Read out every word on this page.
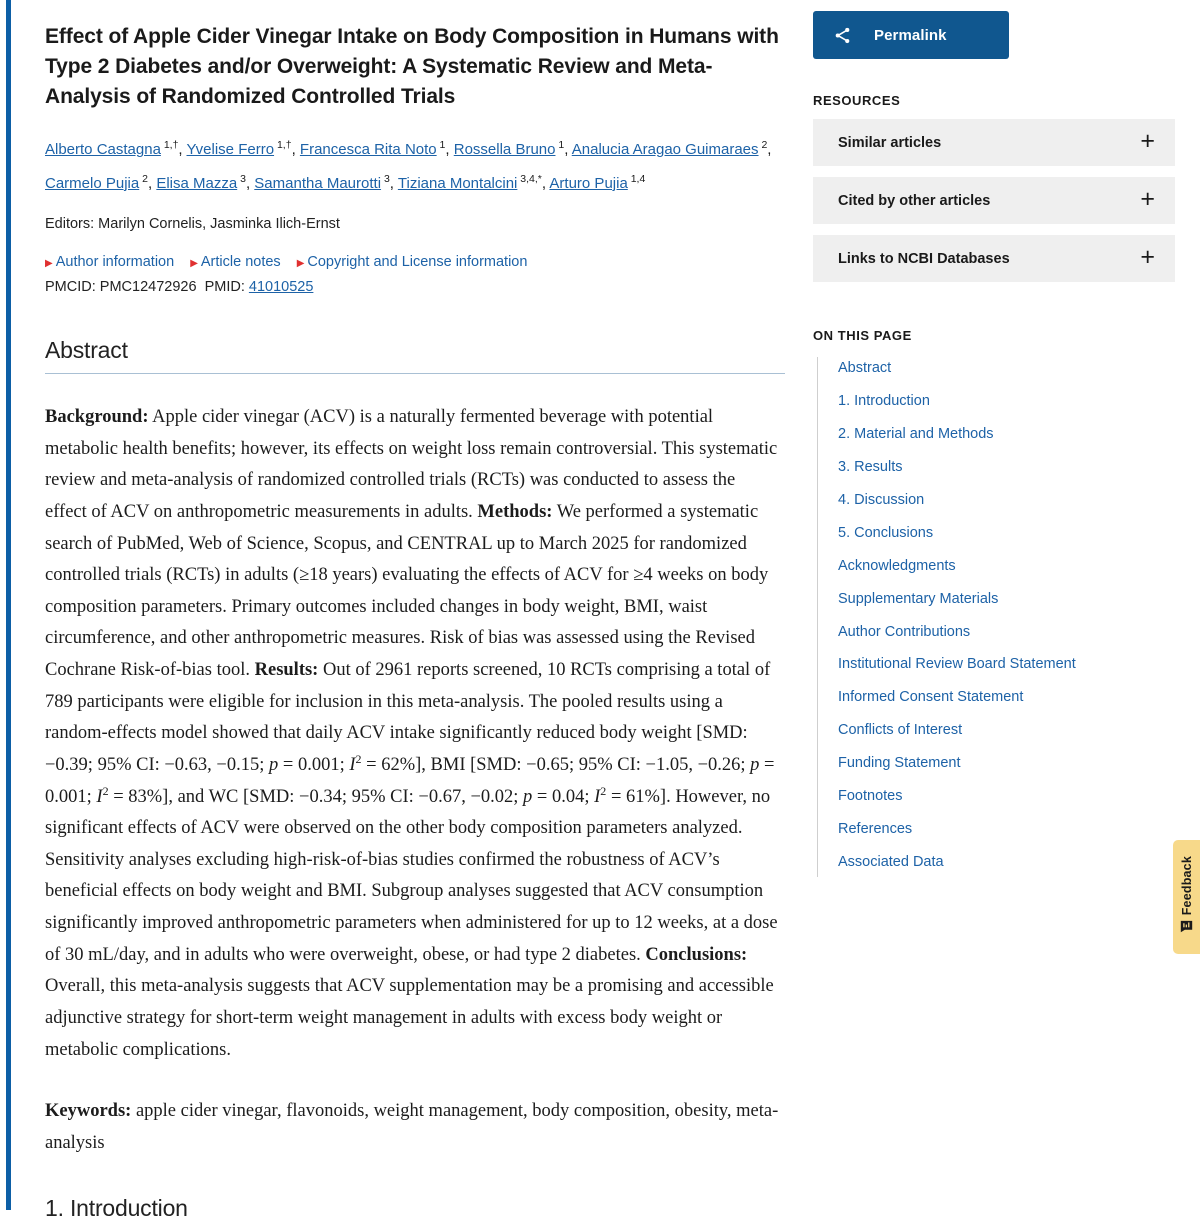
Effect of Apple Cider Vinegar Intake on Body Composition in Humans with Type 2 Diabetes and/or Overweight: A Systematic Review and Meta-Analysis of Randomized Controlled Trials
Alberto Castagna $^{1,\dagger}$, Yvelise Ferro $^{1,\dagger}$, Francesca Rita Noto $^1$, Rossella Bruno $^1$, Analucia Aragao Guimaraes $^2$, Carmelo Pujia $^2$, Elisa Mazza $^3$, Samantha Maurotti $^3$, Tiziana Montalcini $^{3,4,*}$, Arturo Pujia $^{1,4}$
Editors: Marilyn Cornelis, Jasminka Ilich-Ernst
▶ Author information ▶ Article notes ▶ Copyright and License information
PMCID: PMC12472926 PMID: 41010525
Abstract
Background: Apple cider vinegar (ACV) is a naturally fermented beverage with potential metabolic health benefits; however, its effects on weight loss remain controversial. This systematic review and meta-analysis of randomized controlled trials (RCTs) was conducted to assess the effect of ACV on anthropometric measurements in adults. Methods: We performed a systematic search of PubMed, Web of Science, Scopus, and CENTRAL up to March 2025 for randomized controlled trials (RCTs) in adults (≥18 years) evaluating the effects of ACV for ≥4 weeks on body composition parameters. Primary outcomes included changes in body weight, BMI, waist circumference, and other anthropometric measures. Risk of bias was assessed using the Revised Cochrane Risk-of-bias tool. Results: Out of 2961 reports screened, 10 RCTs comprising a total of 789 participants were eligible for inclusion in this meta-analysis. The pooled results using a random-effects model showed that daily ACV intake significantly reduced body weight [SMD: −0.39; 95% CI: −0.63, −0.15; p = 0.001; $I^2 = 62\%$], BMI [SMD: −0.65; 95% CI: −1.05, −0.26; p = 0.001; $I^2 = 83\%$], and WC [SMD: −0.34; 95% CI: −0.67, −0.02; p = 0.04; $I^2 = 61\%$]. However, no significant effects of ACV were observed on the other body composition parameters analyzed. Sensitivity analyses excluding high-risk-of-bias studies confirmed the robustness of ACV’s beneficial effects on body weight and BMI. Subgroup analyses suggested that ACV consumption significantly improved anthropometric parameters when administered for up to 12 weeks, at a dose of 30 mL/day, and in adults who were overweight, obese, or had type 2 diabetes. Conclusions: Overall, this meta-analysis suggests that ACV supplementation may be a promising and accessible adjunctive strategy for short-term weight management in adults with excess body weight or metabolic complications.
Keywords: apple cider vinegar, flavonoids, weight management, body composition, obesity, meta-analysis
1. Introduction
Permalink
RESOURCES
Similar articles	+
Cited by other articles	+
Links to NCBI Databases	+
ON THIS PAGE
Abstract
1. Introduction
2. Material and Methods
3. Results
4. Discussion
5. Conclusions
Acknowledgments
Supplementary Materials
Author Contributions
Institutional Review Board Statement
Informed Consent Statement
Conflicts of Interest
Funding Statement
Footnotes
References
Associated Data	Feedback
